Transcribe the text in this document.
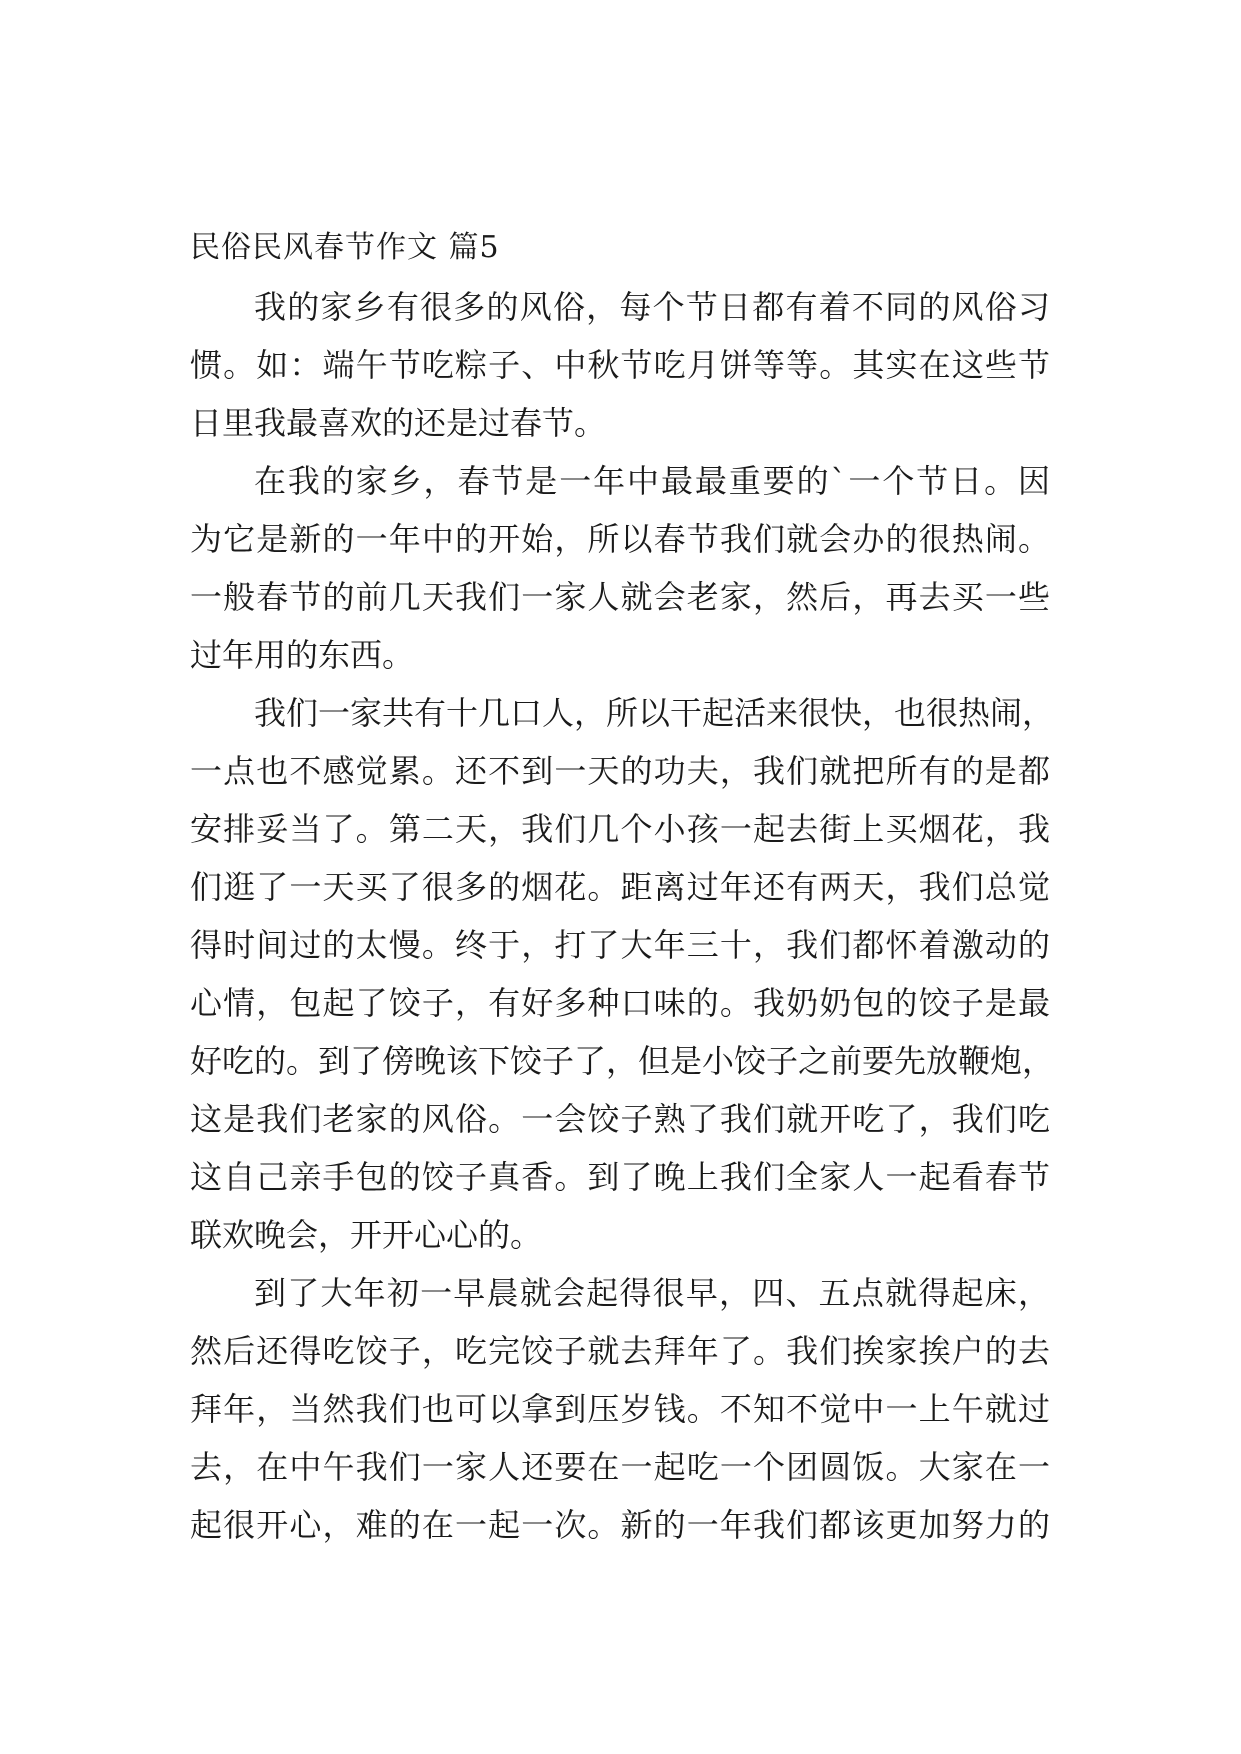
民俗民风春节作文 篇5
我的家乡有很多的风俗，每个节日都有着不同的风俗习
惯。如：端午节吃粽子、中秋节吃月饼等等。其实在这些节
日里我最喜欢的还是过春节。
在我的家乡，春节是一年中最最重要的`一个节日。因
为它是新的一年中的开始，所以春节我们就会办的很热闹。
一般春节的前几天我们一家人就会老家，然后，再去买一些
过年用的东西。
我们一家共有十几口人，所以干起活来很快，也很热闹，
一点也不感觉累。还不到一天的功夫，我们就把所有的是都
安排妥当了。第二天，我们几个小孩一起去街上买烟花，我
们逛了一天买了很多的烟花。距离过年还有两天，我们总觉
得时间过的太慢。终于，打了大年三十，我们都怀着激动的
心情，包起了饺子，有好多种口味的。我奶奶包的饺子是最
好吃的。到了傍晚该下饺子了，但是小饺子之前要先放鞭炮，
这是我们老家的风俗。一会饺子熟了我们就开吃了，我们吃
这自己亲手包的饺子真香。到了晚上我们全家人一起看春节
联欢晚会，开开心心的。
到了大年初一早晨就会起得很早，四、五点就得起床，
然后还得吃饺子，吃完饺子就去拜年了。我们挨家挨户的去
拜年，当然我们也可以拿到压岁钱。不知不觉中一上午就过
去，在中午我们一家人还要在一起吃一个团圆饭。大家在一
起很开心，难的在一起一次。新的一年我们都该更加努力的
